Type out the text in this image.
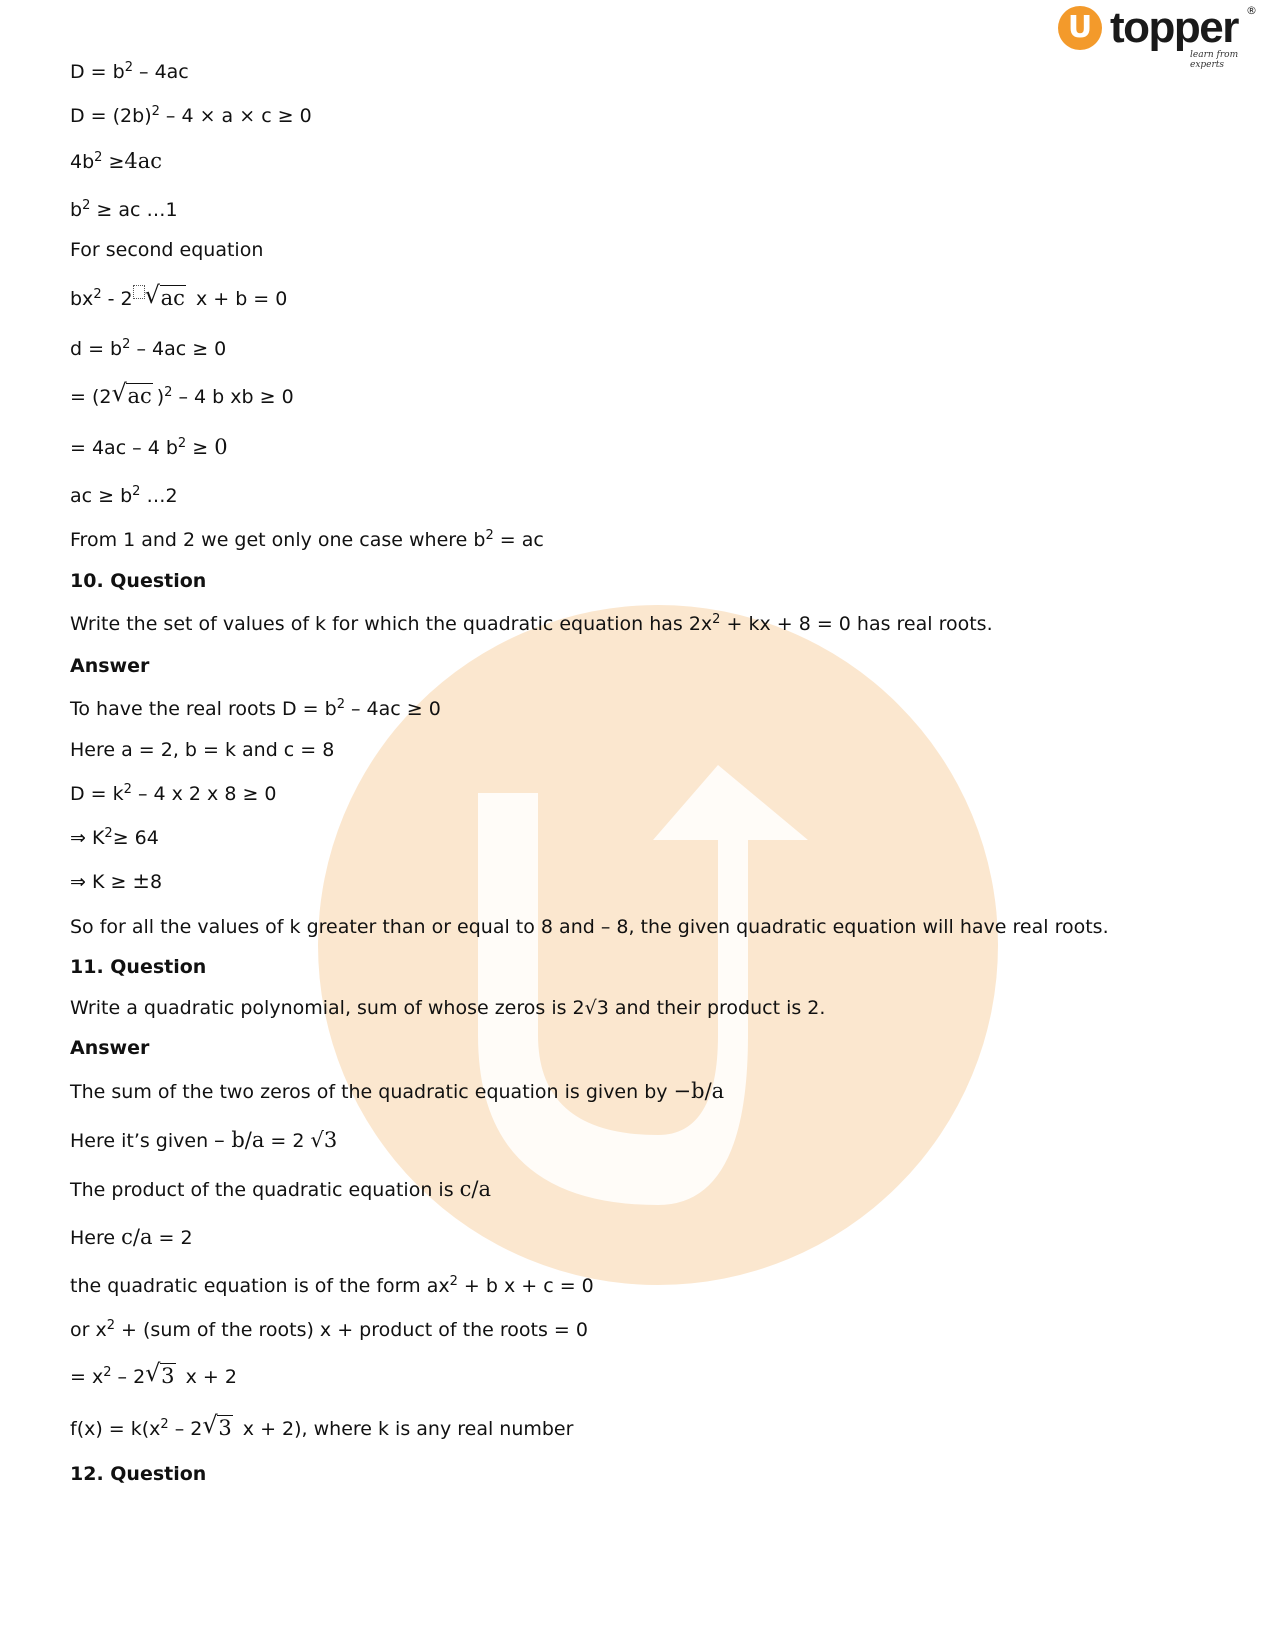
U topper ®
learn from experts
$D = b^2 - 4ac$
$D = (2b)^2 - 4 \times a \times c \ge 0$
$4b^2 \ge 4ac$
$b^2$ ≥ ac …1
For second equation
$bx^2 - 2√$ ac x + b = 0
$d = b^2 - 4ac \ge 0$
= (2√ ac )$^2$ – 4 b xb ≥ 0
= 4ac – 4 $b^2 \ge 0$
ac ≥ $b^2$ …2
From 1 and 2 we get only one case where $b^2$ = ac
10. Question
Write the set of values of k for which the quadratic equation has $2x^2$ + kx + 8 = 0 has real roots.
Answer
To have the real roots $D = b^2 - 4ac \ge 0$
Here a = 2, b = k and c = 8
$D = k^2 - 4$ x 2 x 8 ≥ 0
⇒ $K^2\ge 64$
⇒ K ≥ ±8
So for all the values of k greater than or equal to 8 and – 8, the given quadratic equation will have real roots.
11. Question
Write a quadratic polynomial, sum of whose zeros is 2√3 and their product is 2.
Answer
The sum of the two zeros of the quadratic equation is given by −b/a
Here it’s given – b/a = 2 √3
The product of the quadratic equation is c/a
Here c/a = 2
the quadratic equation is of the form $ax^2 + b$ x + c = 0
or $x^2 + (sum$ of the roots) x + product of the roots = 0
= $x^2 - 2√$ 3 x + 2
$f(x) = k(x^2 - 2√$ 3 x + 2), where k is any real number
12. Question
